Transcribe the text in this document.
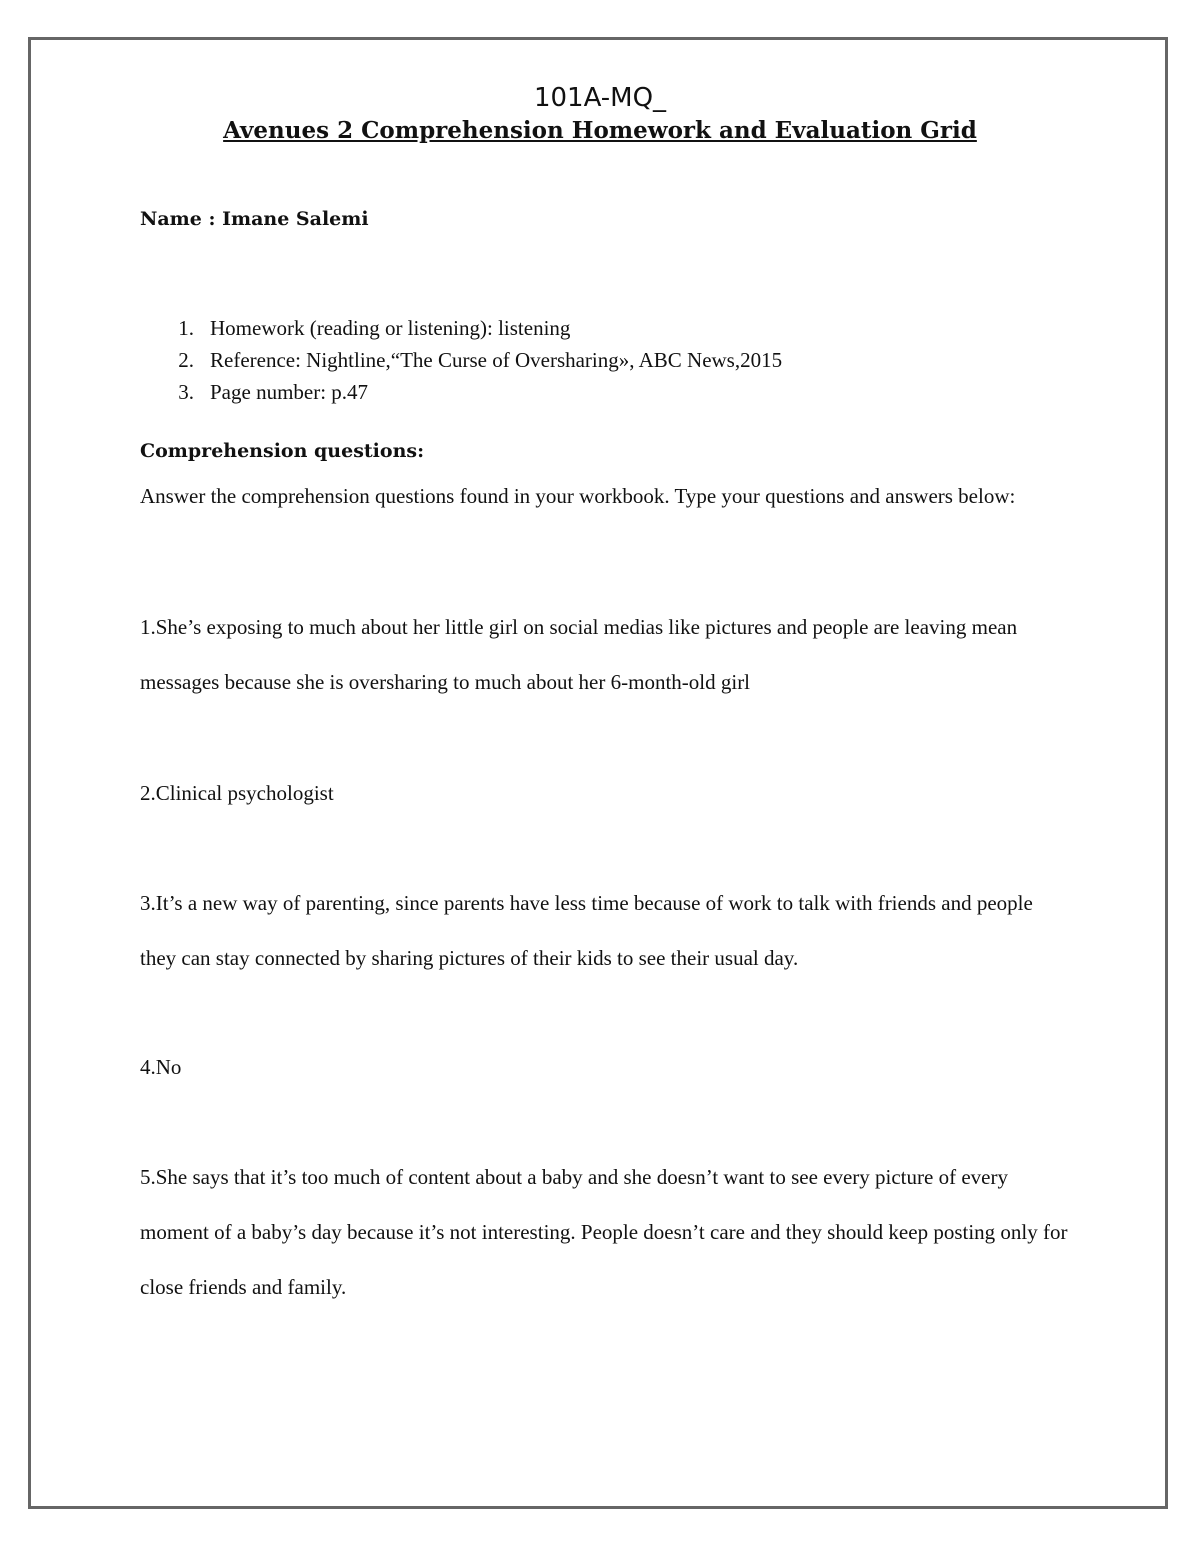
101A-MQ_
Avenues 2 Comprehension Homework and Evaluation Grid
Name : Imane Salemi
1. Homework (reading or listening): listening
2. Reference: Nightline,“The Curse of Oversharing», ABC News,2015
3. Page number: p.47
Comprehension questions:

Answer the comprehension questions found in your workbook. Type your questions and answers below:

1.She’s exposing to much about her little girl on social medias like pictures and people are leaving mean messages because she is oversharing to much about her 6-month-old girl

2.Clinical psychologist

3.It’s a new way of parenting, since parents have less time because of work to talk with friends and people they can stay connected by sharing pictures of their kids to see their usual day.

4.No

5.She says that it’s too much of content about a baby and she doesn’t want to see every picture of every moment of a baby’s day because it’s not interesting. People doesn’t care and they should keep posting only for close friends and family.
